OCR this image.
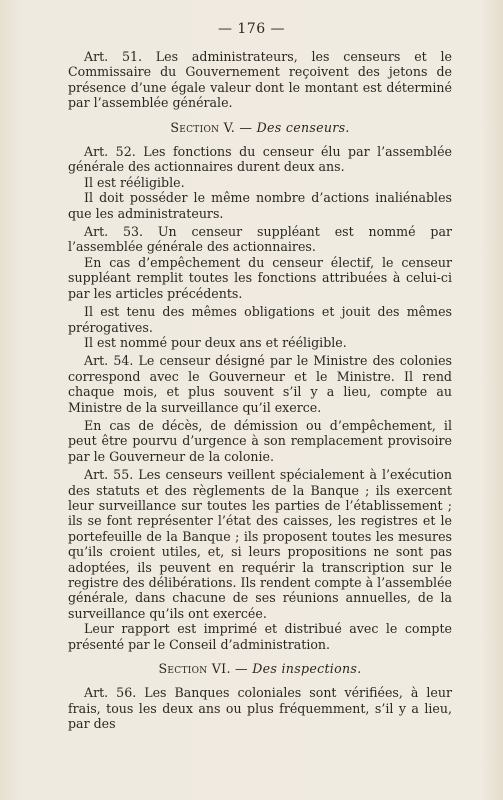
— 176 —

Art. 51. Les administrateurs, les censeurs et le Commissaire du Gouvernement reçoivent des jetons de présence d’une égale valeur dont le montant est déterminé par l’assemblée générale.

Section V. — Des censeurs.

Art. 52. Les fonctions du censeur élu par l’assemblée générale des actionnaires durent deux ans.

Il est rééligible.

Il doit posséder le même nombre d’actions inaliénables que les administrateurs.

Art. 53. Un censeur suppléant est nommé par l’assemblée générale des actionnaires.

En cas d’empêchement du censeur électif, le censeur suppléant remplit toutes les fonctions attribuées à celui-ci par les articles précédents.

Il est tenu des mêmes obligations et jouit des mêmes prérogatives.

Il est nommé pour deux ans et rééligible.

Art. 54. Le censeur désigné par le Ministre des colonies correspond avec le Gouverneur et le Ministre. Il rend chaque mois, et plus souvent s’il y a lieu, compte au Ministre de la surveillance qu’il exerce.

En cas de décès, de démission ou d’empêchement, il peut être pourvu d’urgence à son remplacement provisoire par le Gouverneur de la colonie.

Art. 55. Les censeurs veillent spécialement à l’exécution des statuts et des règlements de la Banque ; ils exercent leur surveillance sur toutes les parties de l’établissement ; ils se font représenter l’état des caisses, les registres et le portefeuille de la Banque ; ils proposent toutes les mesures qu’ils croient utiles, et, si leurs propositions ne sont pas adoptées, ils peuvent en requérir la transcription sur le registre des délibérations. Ils rendent compte à l’assemblée générale, dans chacune de ses réunions annuelles, de la surveillance qu’ils ont exercée.

Leur rapport est imprimé et distribué avec le compte présenté par le Conseil d’administration.

Section VI. — Des inspections.

Art. 56. Les Banques coloniales sont vérifiées, à leur frais, tous les deux ans ou plus fréquemment, s’il y a lieu, par des
